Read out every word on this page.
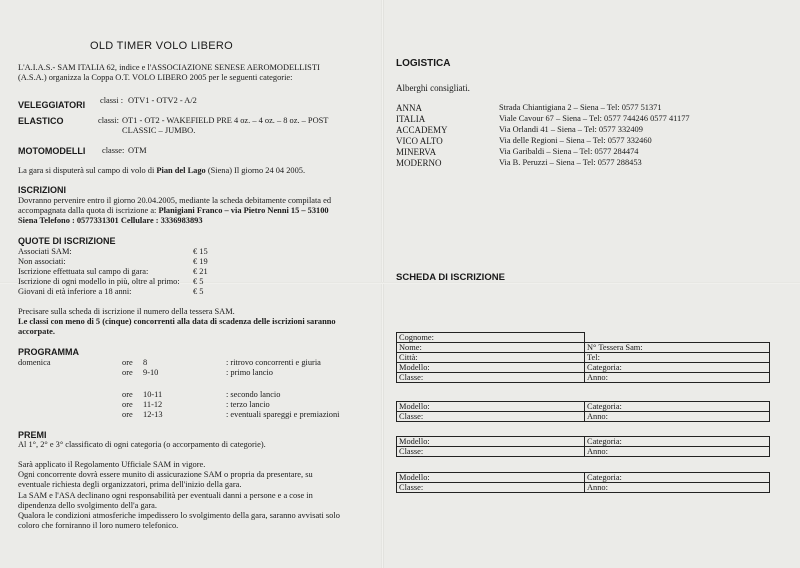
OLD TIMER VOLO LIBERO
L'A.I.A.S.- SAM ITALIA 62, indice e l'ASSOCIAZIONE SENESE AEROMODELLISTI
(A.S.A.) organizza la Coppa O.T. VOLO LIBERO 2005 per le seguenti categorie:
VELEGGIATORI classi : OTV1 - OTV2 - A/2
ELASTICO	classi: OT1 - OT2 - WAKEFIELD PRE 4 oz. – 4 oz. – 8 oz. – POST
CLASSIC – JUMBO.
MOTOMODELLI classe: OTM
La gara si disputerà sul campo di volo di Pian del Lago (Siena) Il giorno 24 04 2005.
ISCRIZIONI
Dovranno pervenire entro il giorno 20.04.2005, mediante la scheda debitamente compilata ed
accompagnata dalla quota di iscrizione a: Planigiani Franco – via Pietro Nenni 15 – 53100
Siena Telefono : 0577331301 Cellulare : 3336983893
QUOTE DI ISCRIZIONE
Associati SAM:	€ 15
Non associati:	€ 19
Iscrizione effettuata sul campo di gara:	€ 21
Iscrizione di ogni modello in più, oltre al primo: € 5
Giovani di età inferiore a 18 anni:	€ 5
Precisare sulla scheda di iscrizione il numero della tessera SAM.
Le classi con meno di 5 (cinque) concorrenti alla data di scadenza delle iscrizioni saranno
accorpate.
PROGRAMMA
domenica	ore 8	: ritrovo concorrenti e giuria
ore 9-10	: primo lancio
ore 10-11	: secondo lancio
ore 11-12	: terzo lancio
ore 12-13	: eventuali spareggi e premiazioni
PREMI
Al 1°, 2° e 3° classificato di ogni categoria (o accorpamento di categorie).
Sarà applicato il Regolamento Ufficiale SAM in vigore.
Ogni concorrente dovrà essere munito di assicurazione SAM o propria da presentare, su
eventuale richiesta degli organizzatori, prima dell'inizio della gara.
La SAM e l'ASA declinano ogni responsabilità per eventuali danni a persone e a cose in
dipendenza dello svolgimento dell'a gara.
Qualora le condizioni atmosferiche impedissero lo svolgimento della gara, saranno avvisati solo
coloro che forniranno il loro numero telefonico.
LOGISTICA
Alberghi consigliati.
ANNA	Strada Chiantigiana 2 – Siena – Tel: 0577 51371
ITALIA	Viale Cavour 67 – Siena – Tel: 0577 744246 0577 41177
ACCADEMY	Via Orlandi 41 – Siena – Tel: 0577 332409
VICO ALTO	Via delle Regioni – Siena – Tel: 0577 332460
MINERVA	Via Garibaldi – Siena – Tel: 0577 284474
MODERNO	Via B. Peruzzi – Siena – Tel: 0577 288453
SCHEDA DI ISCRIZIONE
Cognome:	
Nome:	N° Tessera Sam:
Città:	Tel:
Modello:	Categoria:
Classe:	Anno:
Modello:	Categoria:
Classe:	Anno:
Modello:	Categoria:
Classe:	Anno:
Modello:	Categoria:
Classe:	Anno:
